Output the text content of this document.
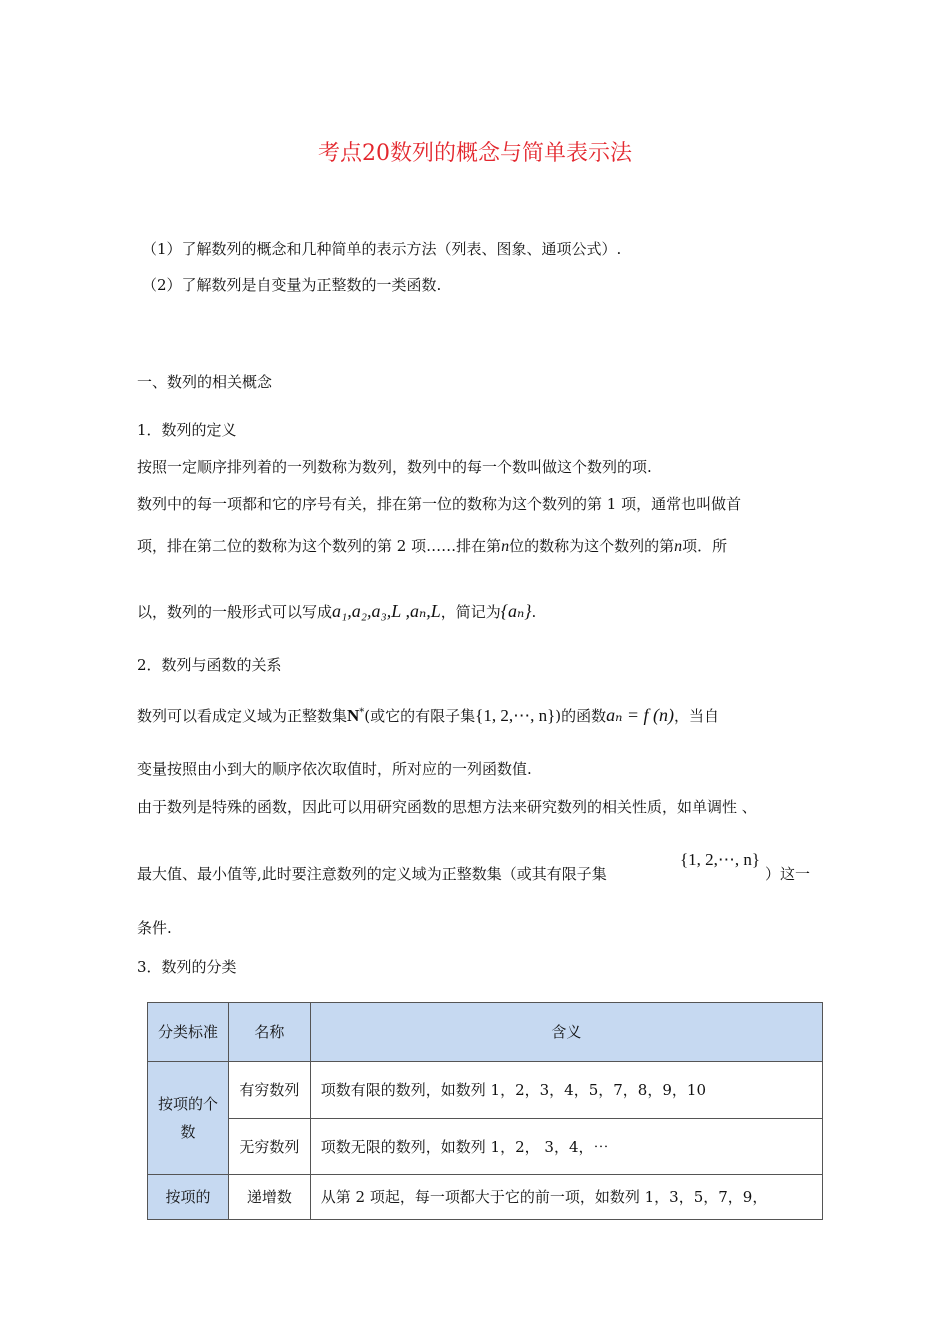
考点20数列的概念与简单表示法
（1）了解数列的概念和几种简单的表示方法（列表、图象、通项公式）.
（2）了解数列是自变量为正整数的一类函数.
一、数列的相关概念
1．数列的定义
按照一定顺序排列着的一列数称为数列，数列中的每一个数叫做这个数列的项.
数列中的每一项都和它的序号有关，排在第一位的数称为这个数列的第 1 项，通常也叫做首
项，排在第二位的数称为这个数列的第 2 项……排在第n位的数称为这个数列的第n项．所
以，数列的一般形式可以写成a₁,a₂,a₃,L ,aₙ,L，简记为{aₙ}.
2．数列与函数的关系
数列可以看成定义域为正整数集N*(或它的有限子集{1, 2,⋯, n})的函数aₙ = f (n)，当自
变量按照由小到大的顺序依次取值时，所对应的一列函数值.
由于数列是特殊的函数，因此可以用研究函数的思想方法来研究数列的相关性质，如单调性 、
最大值、最小值等,此时要注意数列的定义域为正整数集（或其有限子集
{1, 2,⋯, n}
）这一
条件.
3．数列的分类
分类标准	名称	含义
按项的个数	有穷数列	项数有限的数列，如数列 1，2，3，4，5，7，8，9，10
	无穷数列	项数无限的数列，如数列 1，2， 3，4，⋯
按项的	递增数	从第 2 项起，每一项都大于它的前一项，如数列 1，3，5，7，9，
